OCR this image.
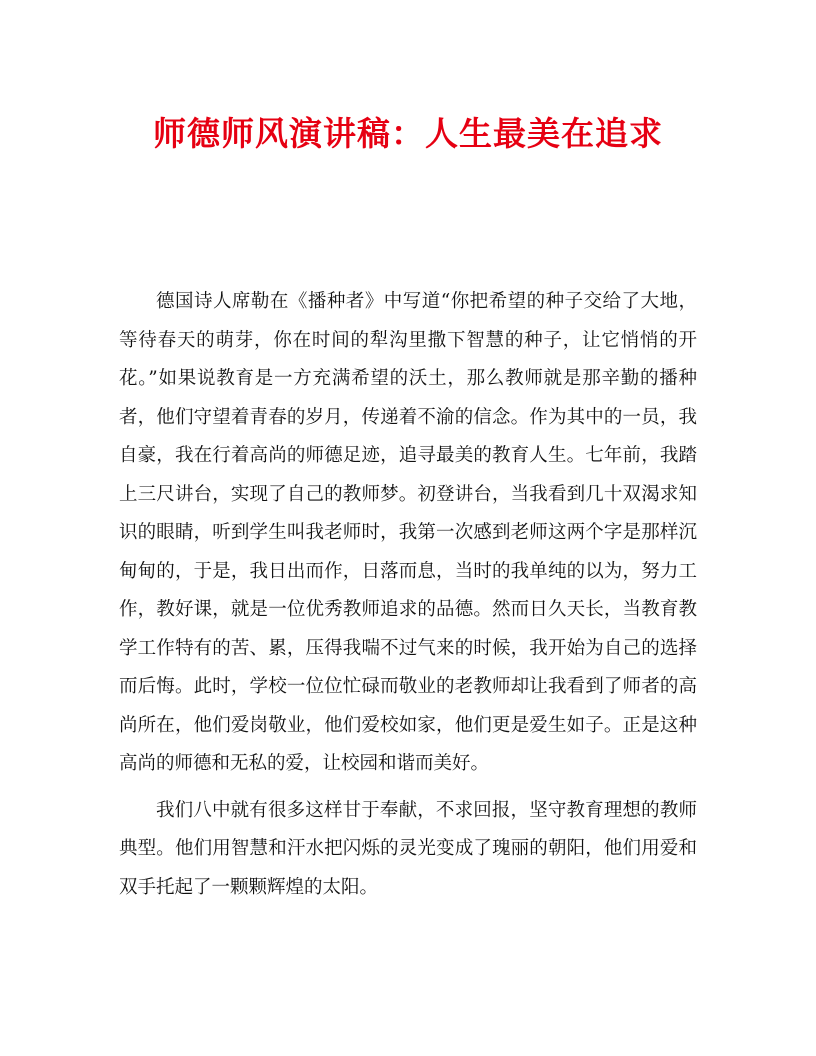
师德师风演讲稿：人生最美在追求

德国诗人席勒在《播种者》中写道“你把希望的种子交给了大地，等待春天的萌芽，你在时间的犁沟里撒下智慧的种子，让它悄悄的开花。”如果说教育是一方充满希望的沃土，那么教师就是那辛勤的播种者，他们守望着青春的岁月，传递着不渝的信念。作为其中的一员，我自豪，我在行着高尚的师德足迹，追寻最美的教育人生。七年前，我踏上三尺讲台，实现了自己的教师梦。初登讲台，当我看到几十双渴求知识的眼睛，听到学生叫我老师时，我第一次感到老师这两个字是那样沉甸甸的，于是，我日出而作，日落而息，当时的我单纯的以为，努力工作，教好课，就是一位优秀教师追求的品德。然而日久天长，当教育教学工作特有的苦、累，压得我喘不过气来的时候，我开始为自己的选择而后悔。此时，学校一位位忙碌而敬业的老教师却让我看到了师者的高尚所在，他们爱岗敬业，他们爱校如家，他们更是爱生如子。正是这种高尚的师德和无私的爱，让校园和谐而美好。

我们八中就有很多这样甘于奉献，不求回报，坚守教育理想的教师典型。他们用智慧和汗水把闪烁的灵光变成了瑰丽的朝阳，他们用爱和双手托起了一颗颗辉煌的太阳。
